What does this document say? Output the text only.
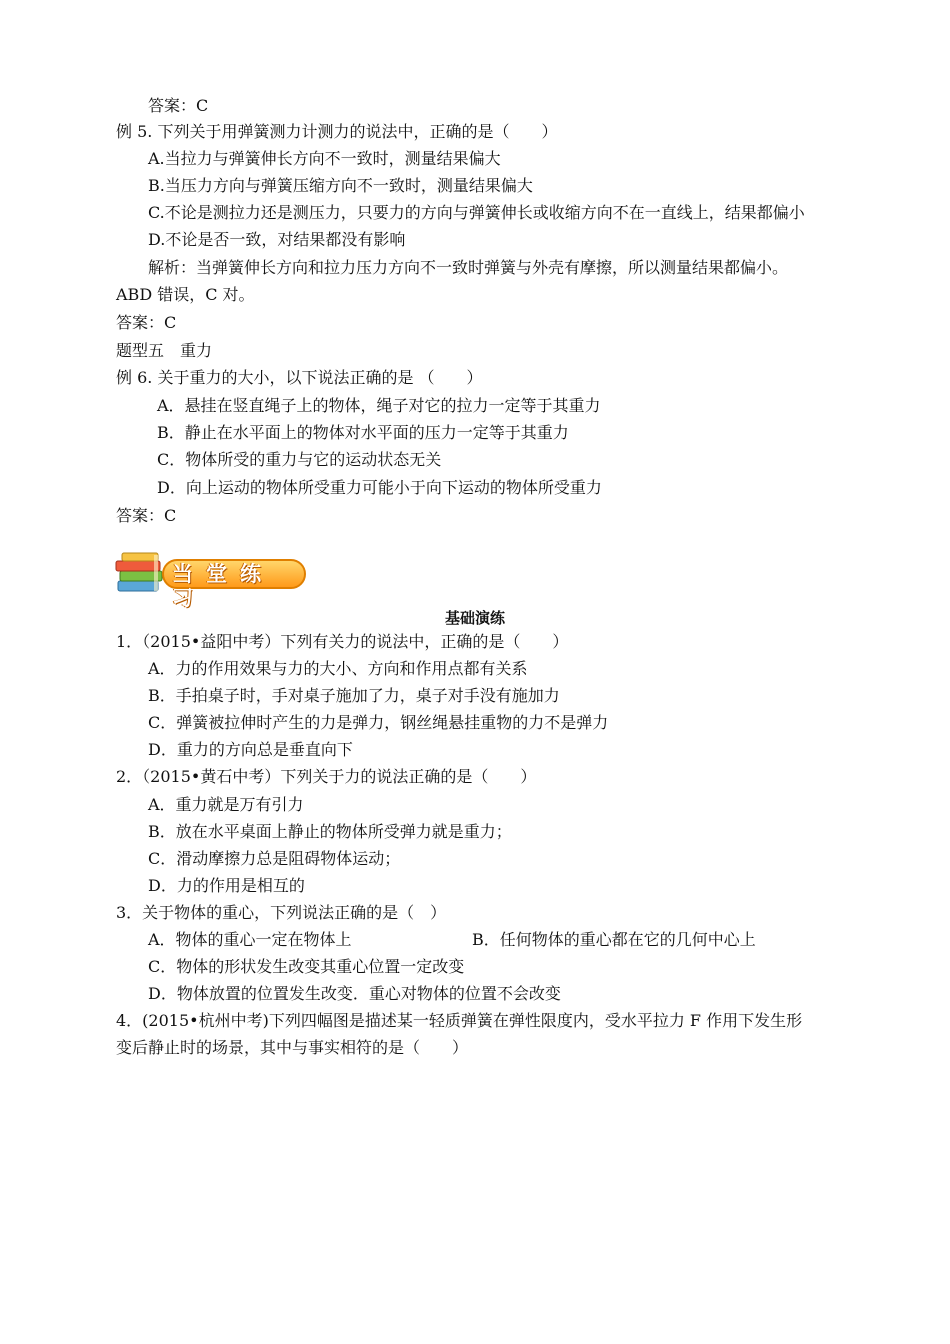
答案：C
例 5. 下列关于用弹簧测力计测力的说法中，正确的是（　　）
A.当拉力与弹簧伸长方向不一致时，测量结果偏大
B.当压力方向与弹簧压缩方向不一致时，测量结果偏大
C.不论是测拉力还是测压力，只要力的方向与弹簧伸长或收缩方向不在一直线上，结果都偏小
D.不论是否一致，对结果都没有影响
解析：当弹簧伸长方向和拉力压力方向不一致时弹簧与外壳有摩擦，所以测量结果都偏小。
ABD 错误，C 对。
答案：C
题型五　重力
例 6. 关于重力的大小，以下说法正确的是 （　　）
A．悬挂在竖直绳子上的物体，绳子对它的拉力一定等于其重力
B．静止在水平面上的物体对水平面的压力一定等于其重力
C．物体所受的重力与它的运动状态无关
D．向上运动的物体所受重力可能小于向下运动的物体所受重力
答案：C
当堂练习
基础演练
1．（2015•益阳中考）下列有关力的说法中，正确的是（　　）
A．力的作用效果与力的大小、方向和作用点都有关系
B．手拍桌子时，手对桌子施加了力，桌子对手没有施加力
C．弹簧被拉伸时产生的力是弹力，钢丝绳悬挂重物的力不是弹力
D．重力的方向总是垂直向下
2．（2015•黄石中考）下列关于力的说法正确的是（　　）
A．重力就是万有引力
B．放在水平桌面上静止的物体所受弹力就是重力；
C．滑动摩擦力总是阻碍物体运动；
D．力的作用是相互的
3．关于物体的重心，下列说法正确的是（　）
A．物体的重心一定在物体上	B．任何物体的重心都在它的几何中心上
C．物体的形状发生改变其重心位置一定改变
D．物体放置的位置发生改变．重心对物体的位置不会改变
4．(2015•杭州中考)下列四幅图是描述某一轻质弹簧在弹性限度内，受水平拉力 F 作用下发生形
变后静止时的场景，其中与事实相符的是（　　）
